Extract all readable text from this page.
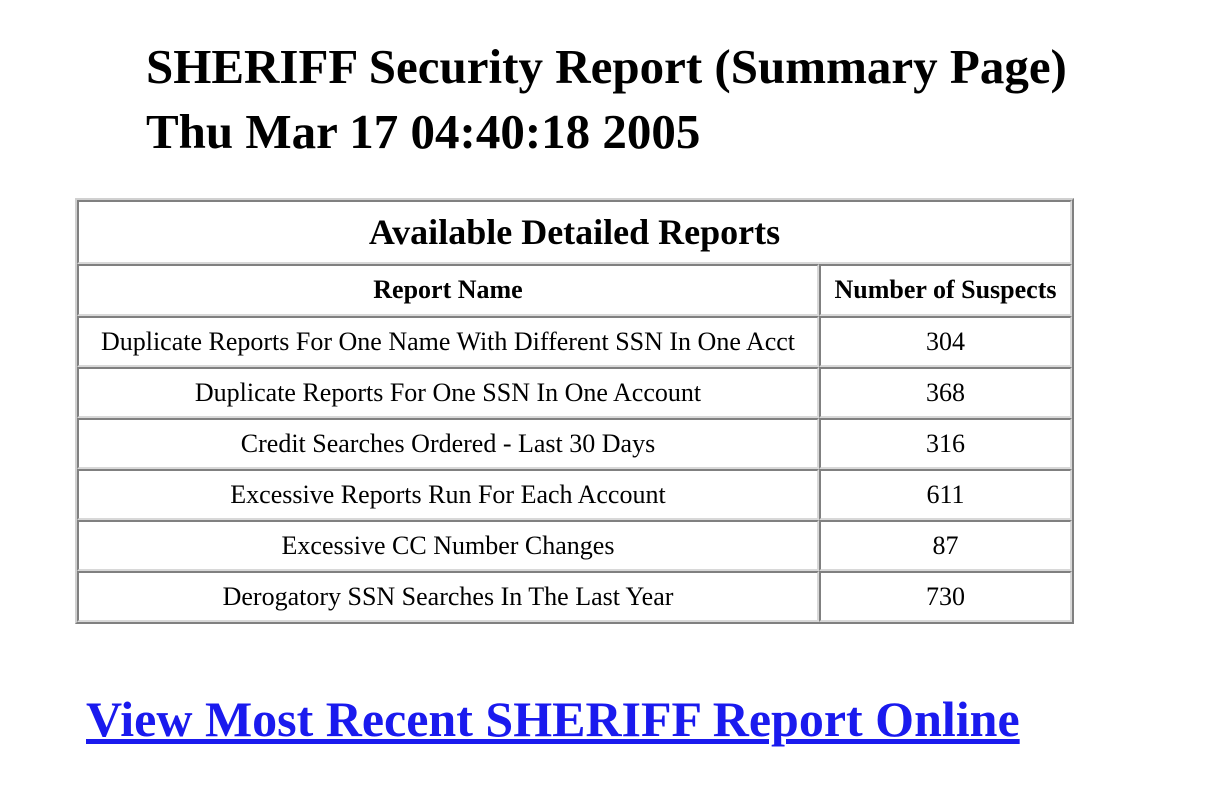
SHERIFF Security Report (Summary Page)
Thu Mar 17 04:40:18 2005
Available Detailed Reports	
Report Name	Number of Suspects
Duplicate Reports For One Name With Different SSN In One Acct	304
Duplicate Reports For One SSN In One Account	368
Credit Searches Ordered - Last 30 Days	316
Excessive Reports Run For Each Account	611
Excessive CC Number Changes	87
Derogatory SSN Searches In The Last Year	730
View Most Recent SHERIFF Report Online
